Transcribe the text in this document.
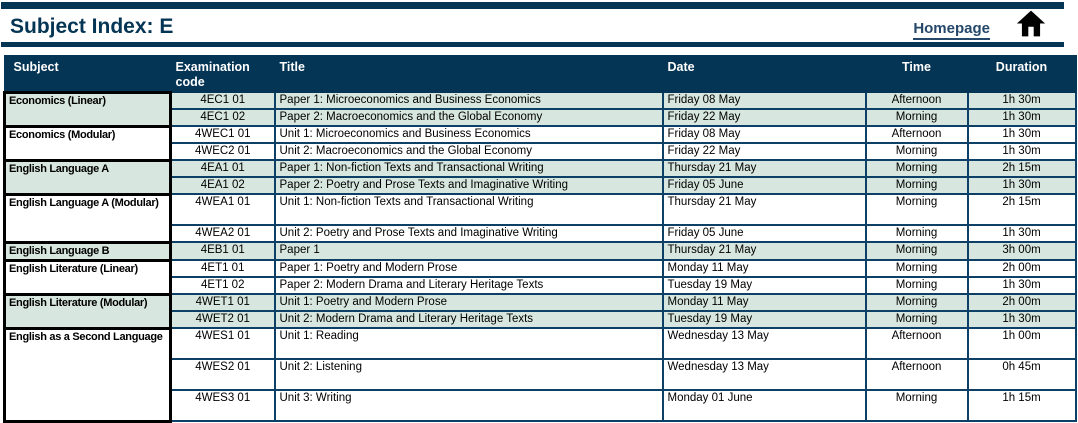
Subject Index: E	Homepage
Subject	Examination code	Title	Date	Time	Duration
Economics (Linear)	4EC1 01	Paper 1: Microeconomics and Business Economics	Friday 08 May	Afternoon	1h 30m
	4EC1 02	Paper 2: Macroeconomics and the Global Economy	Friday 22 May	Morning	1h 30m
Economics (Modular)	4WEC1 01	Unit 1: Microeconomics and Business Economics	Friday 08 May	Afternoon	1h 30m
	4WEC2 01	Unit 2: Macroeconomics and the Global Economy	Friday 22 May	Morning	1h 30m
English Language A	4EA1 01	Paper 1: Non-fiction Texts and Transactional Writing	Thursday 21 May	Morning	2h 15m
	4EA1 02	Paper 2: Poetry and Prose Texts and Imaginative Writing	Friday 05 June	Morning	1h 30m
English Language A (Modular)	4WEA1 01	Unit 1: Non-fiction Texts and Transactional Writing	Thursday 21 May	Morning	2h 15m
	4WEA2 01	Unit 2: Poetry and Prose Texts and Imaginative Writing	Friday 05 June	Morning	1h 30m
English Language B	4EB1 01	Paper 1	Thursday 21 May	Morning	3h 00m
English Literature (Linear)	4ET1 01	Paper 1: Poetry and Modern Prose	Monday 11 May	Morning	2h 00m
	4ET1 02	Paper 2: Modern Drama and Literary Heritage Texts	Tuesday 19 May	Morning	1h 30m
English Literature (Modular)	4WET1 01	Unit 1: Poetry and Modern Prose	Monday 11 May	Morning	2h 00m
	4WET2 01	Unit 2: Modern Drama and Literary Heritage Texts	Tuesday 19 May	Morning	1h 30m
English as a Second Language	4WES1 01	Unit 1: Reading	Wednesday 13 May	Afternoon	1h 00m
	4WES2 01	Unit 2: Listening	Wednesday 13 May	Afternoon	0h 45m
	4WES3 01	Unit 3: Writing	Monday 01 June	Morning	1h 15m
